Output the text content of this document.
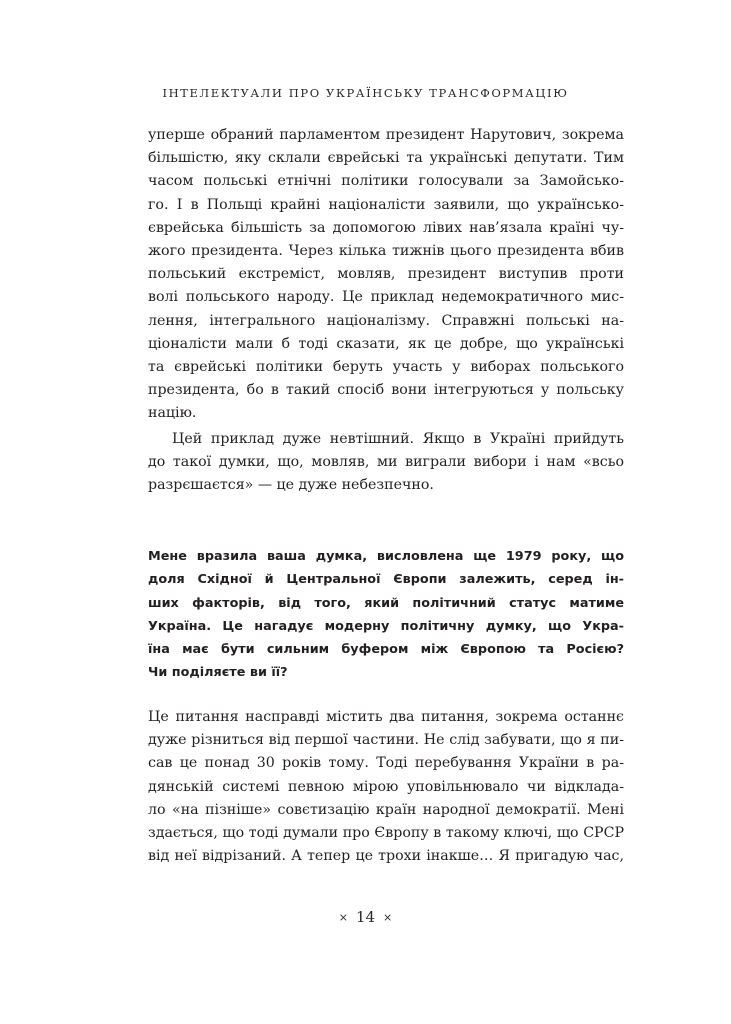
ІНТЕЛЕКТУАЛИ ПРО УКРАЇНСЬКУ ТРАНСФОРМАЦІЮ
уперше обраний парламентом президент Нарутович, зокрема
більшістю, яку склали єврейські та українські депутати. Тим
часом польські етнічні політики голосували за Замойсько-
го. І в Польщі крайні націоналісти заявили, що українсько-
єврейська більшість за допомогою лівих нав’язала країні чу-
жого президента. Через кілька тижнів цього президента вбив
польський екстреміст, мовляв, президент виступив проти
волі польського народу. Це приклад недемократичного мис-
лення, інтегрального націоналізму. Справжні польські на-
ціоналісти мали б тоді сказати, як це добре, що українські
та єврейські політики беруть участь у виборах польського
президента, бо в такий спосіб вони інтегруються у польську
націю.
Цей приклад дуже невтішний. Якщо в Україні прийдуть
до такої думки, що, мовляв, ми виграли вибори і нам «всьо
разрєшаєтся» — це дуже небезпечно.
Мене вразила ваша думка, висловлена ще 1979 року, що
доля Східної й Центральної Європи залежить, серед ін-
ших факторів, від того, який політичний статус матиме
Україна. Це нагадує модерну політичну думку, що Укра-
їна має бути сильним буфером між Європою та Росією?
Чи поділяєте ви її?
Це питання насправді містить два питання, зокрема останнє
дуже різниться від першої частини. Не слід забувати, що я пи-
сав це понад 30 років тому. Тоді перебування України в ра-
дянській системі певною мірою уповільнювало чи відклада-
ло «на пізніше» совєтизацію країн народної демократії. Мені
здається, що тоді думали про Європу в такому ключі, що СРСР
від неї відрізаний. А тепер це трохи інакше… Я пригадую час,
× 14 ×
